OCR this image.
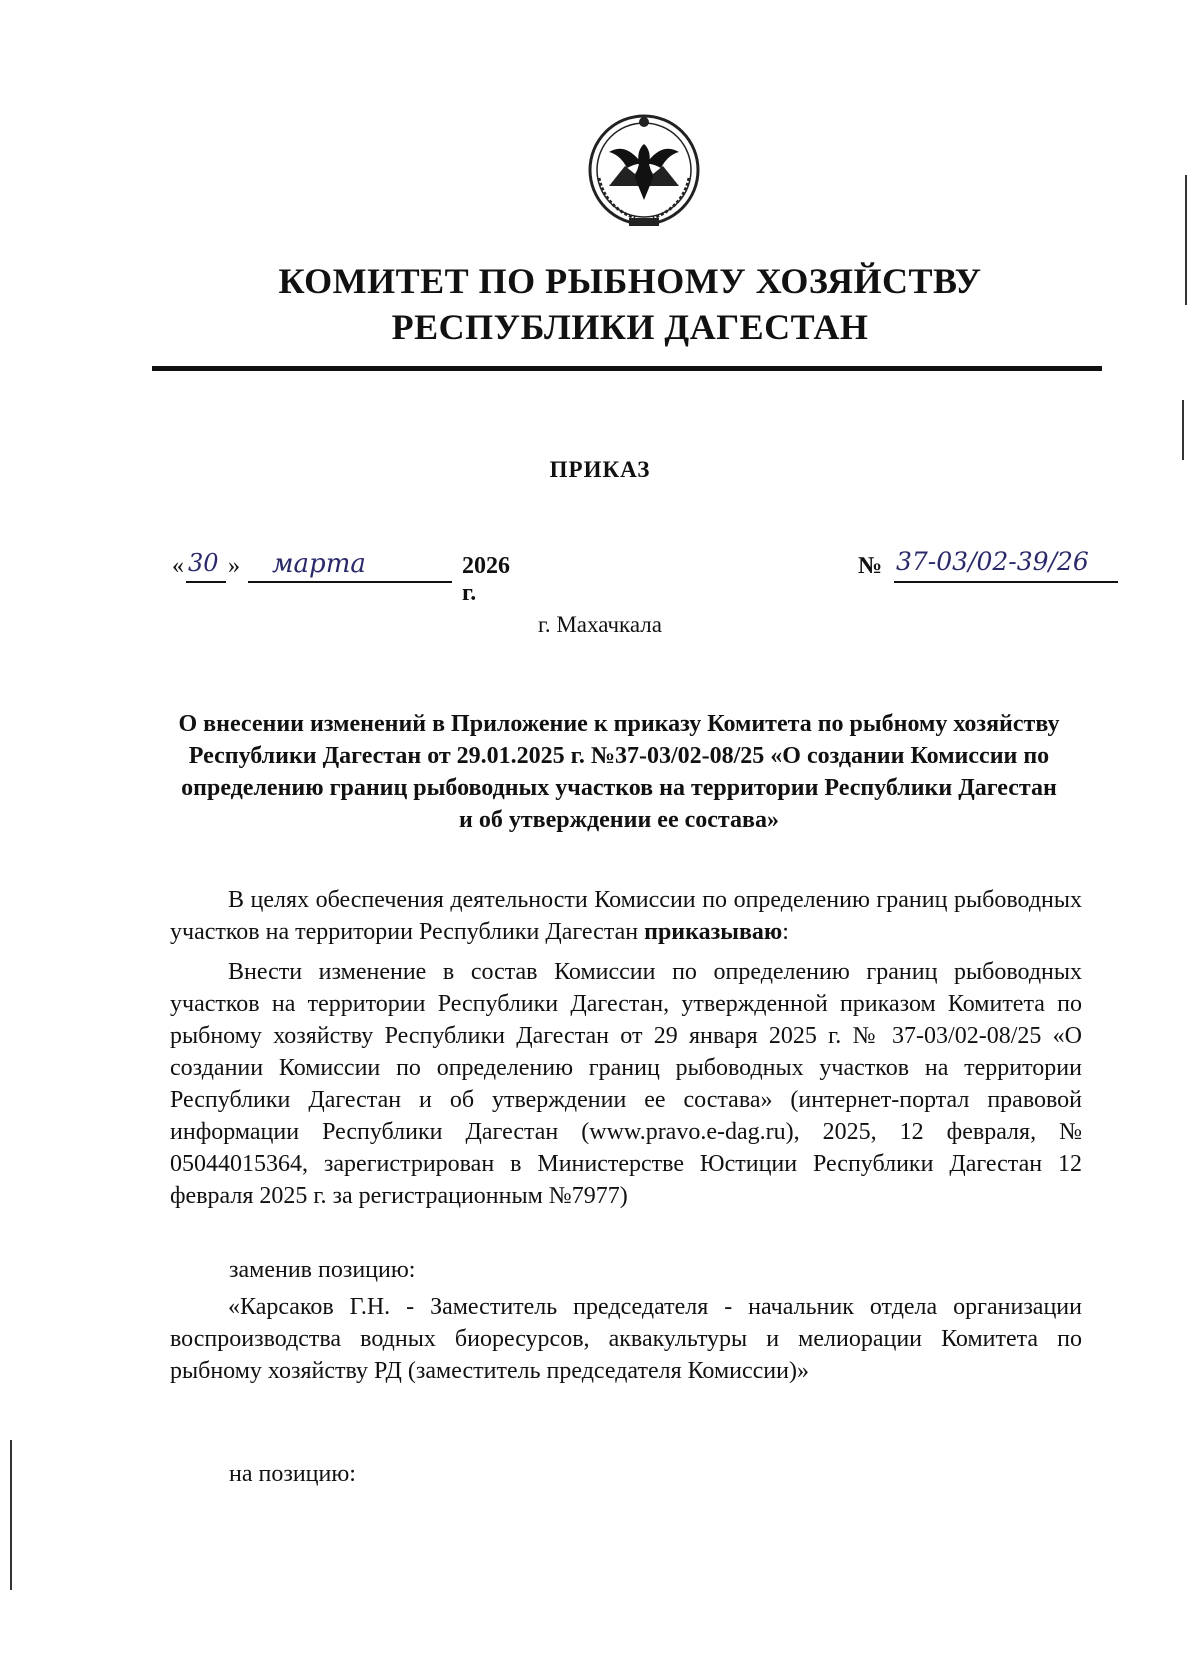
КОМИТЕТ ПО РЫБНОМУ ХОЗЯЙСТВУ
РЕСПУБЛИКИ ДАГЕСТАН
ПРИКАЗ
« 30 » марта	2026 г.
№ 37-03/02-39/26
г. Махачкала
О внесении изменений в Приложение к приказу Комитета по рыбному хозяйству Республики Дагестан от 29.01.2025 г. №37-03/02-08/25 «О создании Комиссии по определению границ рыбоводных участков на территории Республики Дагестан и об утверждении ее состава»
В целях обеспечения деятельности Комиссии по определению границ рыбоводных участков на территории Республики Дагестан приказываю:
Внести изменение в состав Комиссии по определению границ рыбоводных участков на территории Республики Дагестан, утвержденной приказом Комитета по рыбному хозяйству Республики Дагестан от 29 января 2025 г. № 37-03/02-08/25 «О создании Комиссии по определению границ рыбоводных участков на территории Республики Дагестан и об утверждении ее состава» (интернет-портал правовой информации Республики Дагестан (www.pravo.e-dag.ru), 2025, 12 февраля, № 05044015364, зарегистрирован в Министерстве Юстиции Республики Дагестан 12 февраля 2025 г. за регистрационным №7977)
заменив позицию:
«Карсаков Г.Н. - Заместитель председателя - начальник отдела организации воспроизводства водных биоресурсов, аквакультуры и мелиорации Комитета по рыбному хозяйству РД (заместитель председателя Комиссии)»
на позицию:
